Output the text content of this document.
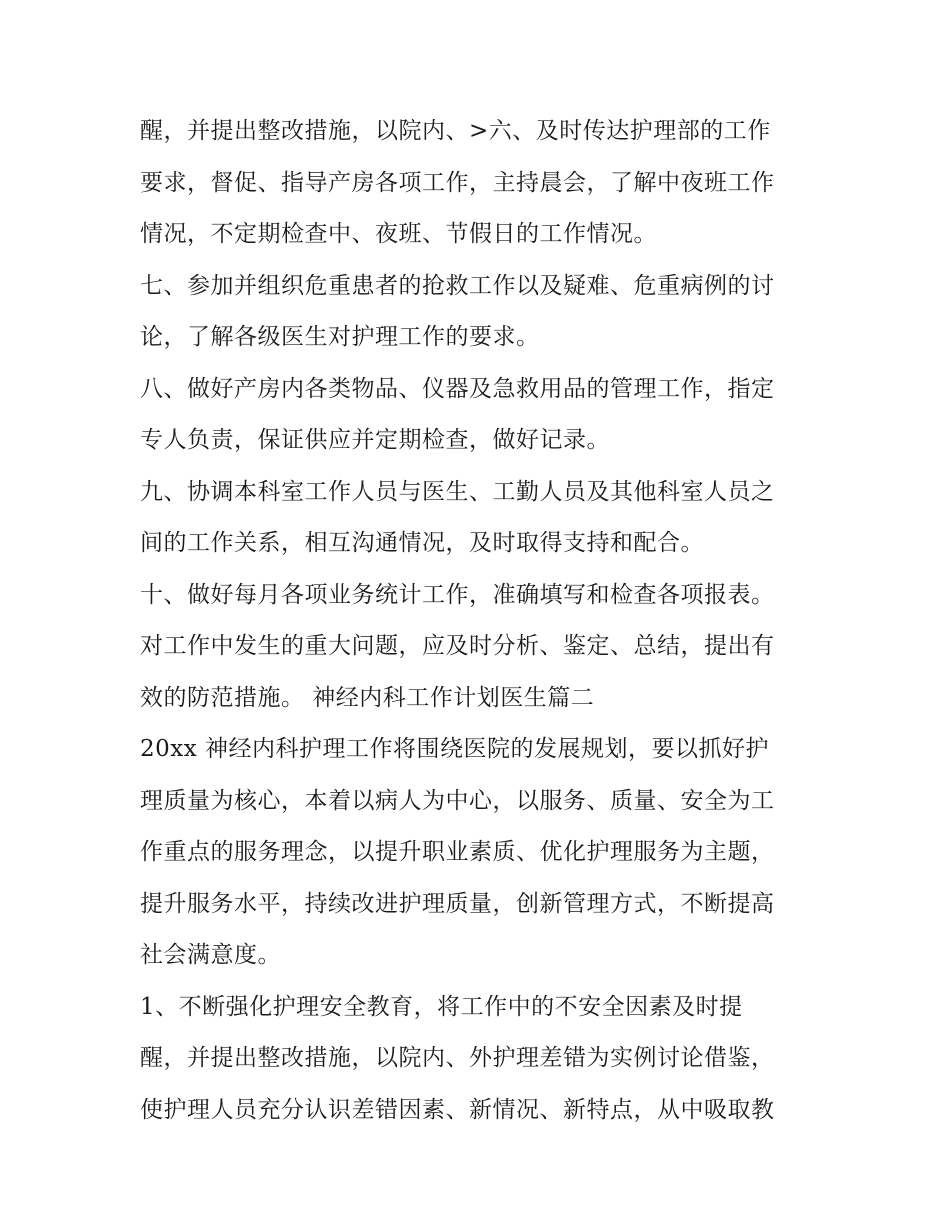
醒，并提出整改措施，以院内、>六、及时传达护理部的工作
要求，督促、指导产房各项工作，主持晨会，了解中夜班工作
情况，不定期检查中、夜班、节假日的工作情况。
七、参加并组织危重患者的抢救工作以及疑难、危重病例的讨
论，了解各级医生对护理工作的要求。
八、做好产房内各类物品、仪器及急救用品的管理工作，指定
专人负责，保证供应并定期检查，做好记录。
九、协调本科室工作人员与医生、工勤人员及其他科室人员之
间的工作关系，相互沟通情况，及时取得支持和配合。
十、做好每月各项业务统计工作，准确填写和检查各项报表。
对工作中发生的重大问题，应及时分析、鉴定、总结，提出有
效的防范措施。 神经内科工作计划医生篇二
20xx 神经内科护理工作将围绕医院的发展规划，要以抓好护
理质量为核心，本着以病人为中心，以服务、质量、安全为工
作重点的服务理念，以提升职业素质、优化护理服务为主题，
提升服务水平，持续改进护理质量，创新管理方式，不断提高
社会满意度。
1、不断强化护理安全教育，将工作中的不安全因素及时提
醒，并提出整改措施，以院内、外护理差错为实例讨论借鉴，
使护理人员充分认识差错因素、新情况、新特点，从中吸取教
